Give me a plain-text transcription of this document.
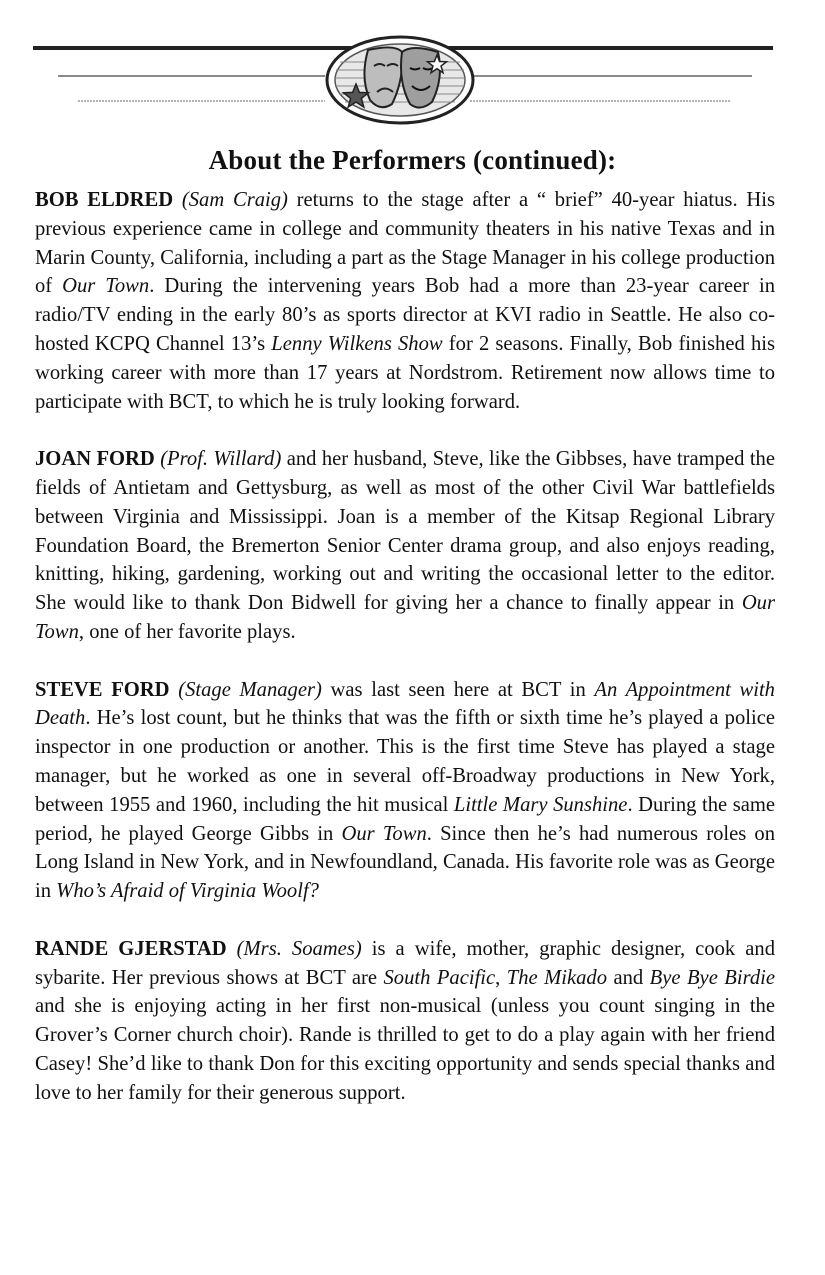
About the Performers (continued):

BOB ELDRED (Sam Craig) returns to the stage after a “ brief” 40-year hiatus. His previous experience came in college and community theaters in his native Texas and in Marin County, California, including a part as the Stage Manager in his college production of Our Town. During the intervening years Bob had a more than 23-year career in radio/TV ending in the early 80’s as sports director at KVI radio in Seattle. He also co-hosted KCPQ Channel 13’s Lenny Wilkens Show for 2 seasons. Finally, Bob finished his working career with more than 17 years at Nordstrom. Retirement now allows time to participate with BCT, to which he is truly looking forward.

JOAN FORD (Prof. Willard) and her husband, Steve, like the Gibbses, have tramped the fields of Antietam and Gettysburg, as well as most of the other Civil War battlefields between Virginia and Mississippi. Joan is a member of the Kitsap Regional Library Foundation Board, the Bremerton Senior Center drama group, and also enjoys reading, knitting, hiking, gardening, working out and writing the occasional letter to the editor. She would like to thank Don Bidwell for giving her a chance to finally appear in Our Town, one of her favorite plays.

STEVE FORD (Stage Manager) was last seen here at BCT in An Appointment with Death. He’s lost count, but he thinks that was the fifth or sixth time he’s played a police inspector in one production or another. This is the first time Steve has played a stage manager, but he worked as one in several off-Broadway productions in New York, between 1955 and 1960, including the hit musical Little Mary Sunshine. During the same period, he played George Gibbs in Our Town. Since then he’s had numerous roles on Long Island in New York, and in Newfoundland, Canada. His favorite role was as George in Who’s Afraid of Virginia Woolf?

RANDE GJERSTAD (Mrs. Soames) is a wife, mother, graphic designer, cook and sybarite. Her previous shows at BCT are South Pacific, The Mikado and Bye Bye Birdie and she is enjoying acting in her first non-musical (unless you count singing in the Grover’s Corner church choir). Rande is thrilled to get to do a play again with her friend Casey! She’d like to thank Don for this exciting opportunity and sends special thanks and love to her family for their generous support.
